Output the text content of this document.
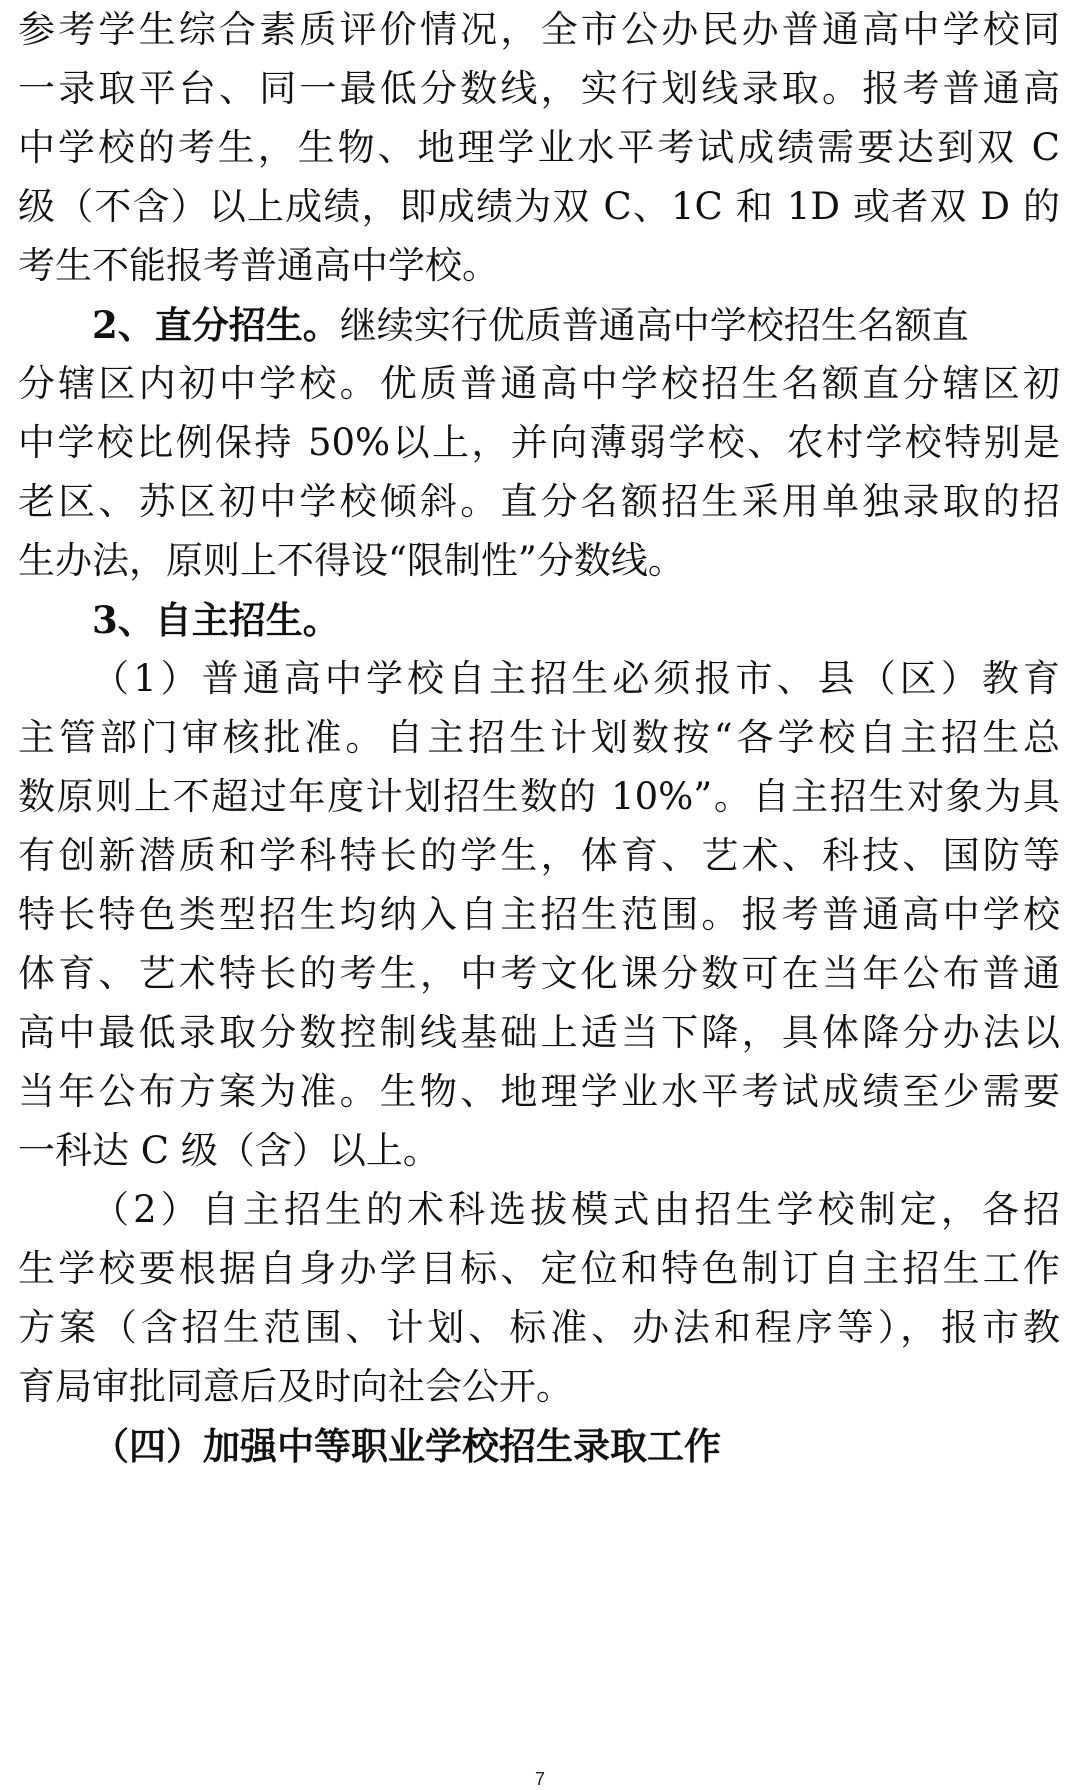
参考学生综合素质评价情况，全市公办民办普通高中学校同
一录取平台、同一最低分数线，实行划线录取。报考普通高
中学校的考生，生物、地理学业水平考试成绩需要达到双 C
级（不含）以上成绩，即成绩为双 C、1C 和 1D 或者双 D 的
考生不能报考普通高中学校。
2、直分招生。继续实行优质普通高中学校招生名额直
分辖区内初中学校。优质普通高中学校招生名额直分辖区初
中学校比例保持 50%以上，并向薄弱学校、农村学校特别是
老区、苏区初中学校倾斜。直分名额招生采用单独录取的招
生办法，原则上不得设“限制性”分数线。
3、自主招生。
（1）普通高中学校自主招生必须报市、县（区）教育
主管部门审核批准。自主招生计划数按“各学校自主招生总
数原则上不超过年度计划招生数的 10%”。自主招生对象为具
有创新潜质和学科特长的学生，体育、艺术、科技、国防等
特长特色类型招生均纳入自主招生范围。报考普通高中学校
体育、艺术特长的考生，中考文化课分数可在当年公布普通
高中最低录取分数控制线基础上适当下降，具体降分办法以
当年公布方案为准。生物、地理学业水平考试成绩至少需要
一科达 C 级（含）以上。
（2）自主招生的术科选拔模式由招生学校制定，各招
生学校要根据自身办学目标、定位和特色制订自主招生工作
方案（含招生范围、计划、标准、办法和程序等），报市教
育局审批同意后及时向社会公开。
（四）加强中等职业学校招生录取工作
7
